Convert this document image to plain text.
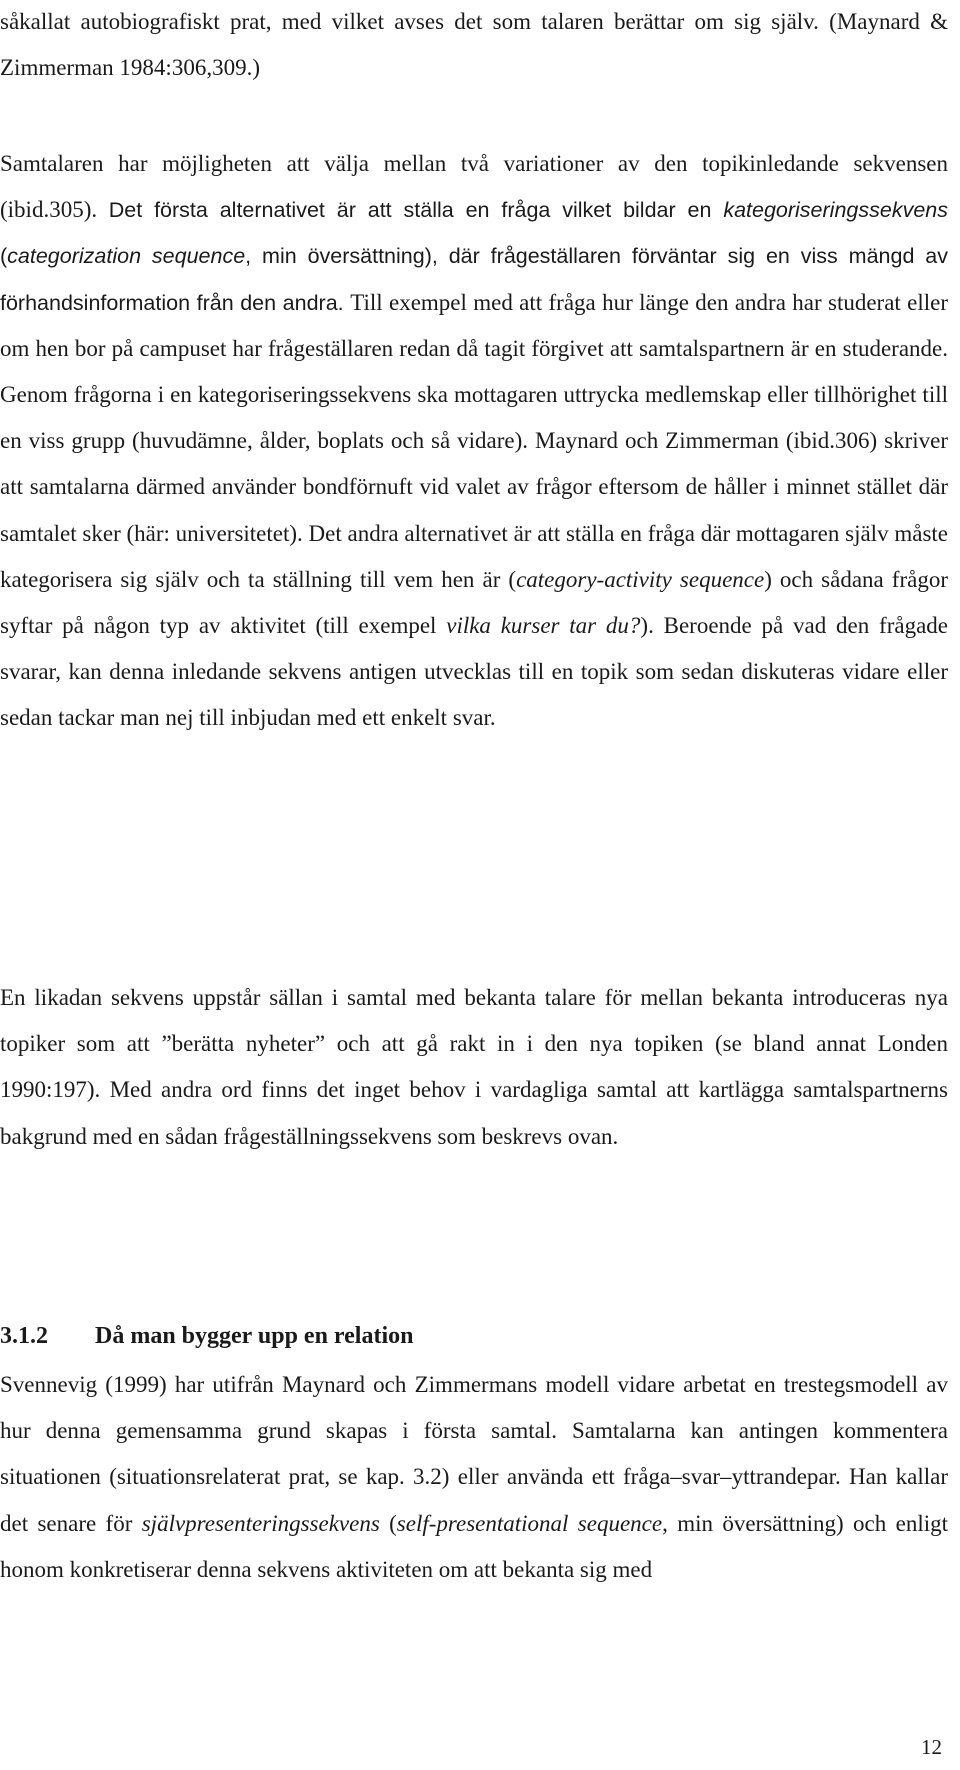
såkallat autobiografiskt prat, med vilket avses det som talaren berättar om sig själv. (Maynard & Zimmerman 1984:306,309.)

Samtalaren har möjligheten att välja mellan två variationer av den topikinledande sekvensen (ibid.305). Det första alternativet är att ställa en fråga vilket bildar en kategoriseringssekvens (categorization sequence, min översättning), där frågeställaren förväntar sig en viss mängd av förhandsinformation från den andra. Till exempel med att fråga hur länge den andra har studerat eller om hen bor på campuset har frågeställaren redan då tagit förgivet att samtalspartnern är en studerande. Genom frågorna i en kategoriseringssekvens ska mottagaren uttrycka medlemskap eller tillhörighet till en viss grupp (huvudämne, ålder, boplats och så vidare). Maynard och Zimmerman (ibid.306) skriver att samtalarna därmed använder bondförnuft vid valet av frågor eftersom de håller i minnet stället där samtalet sker (här: universitetet). Det andra alternativet är att ställa en fråga där mottagaren själv måste kategorisera sig själv och ta ställning till vem hen är (category-activity sequence) och sådana frågor syftar på någon typ av aktivitet (till exempel vilka kurser tar du?). Beroende på vad den frågade svarar, kan denna inledande sekvens antigen utvecklas till en topik som sedan diskuteras vidare eller sedan tackar man nej till inbjudan med ett enkelt svar.

En likadan sekvens uppstår sällan i samtal med bekanta talare för mellan bekanta introduceras nya topiker som att ”berätta nyheter” och att gå rakt in i den nya topiken (se bland annat Londen 1990:197). Med andra ord finns det inget behov i vardagliga samtal att kartlägga samtalspartnerns bakgrund med en sådan frågeställningssekvens som beskrevs ovan.

3.1.2 Då man bygger upp en relation

Svennevig (1999) har utifrån Maynard och Zimmermans modell vidare arbetat en trestegsmodell av hur denna gemensamma grund skapas i första samtal. Samtalarna kan antingen kommentera situationen (situationsrelaterat prat, se kap. 3.2) eller använda ett fråga–svar–yttrandepar. Han kallar det senare för självpresenteringssekvens (self-presentational sequence, min översättning) och enligt honom konkretiserar denna sekvens aktiviteten om att bekanta sig med

12
